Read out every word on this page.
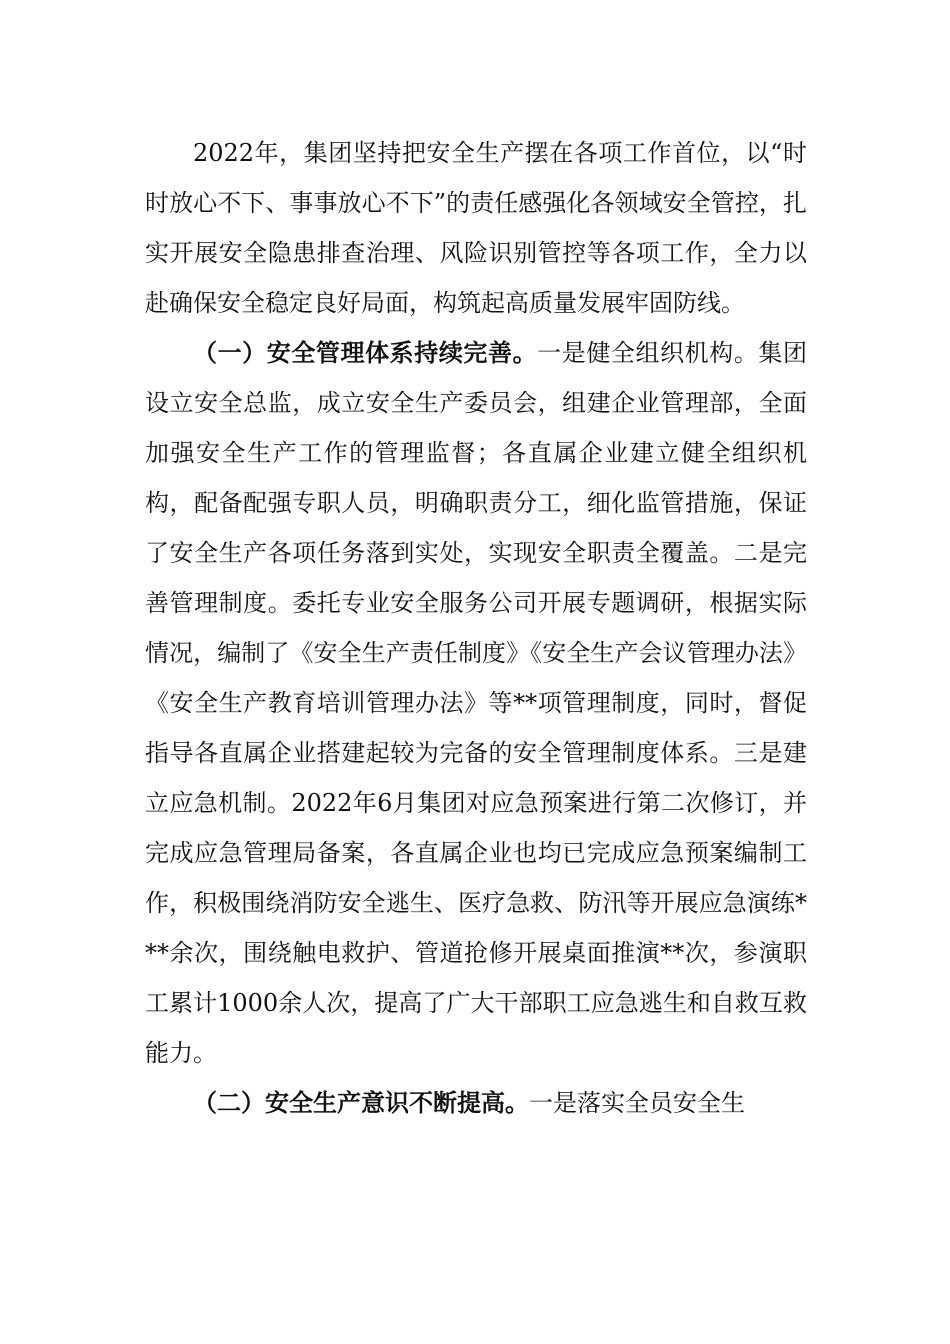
2022年，集团坚持把安全生产摆在各项工作首位，以“时时放心不下、事事放心不下”的责任感强化各领域安全管控，扎实开展安全隐患排查治理、风险识别管控等各项工作，全力以赴确保安全稳定良好局面，构筑起高质量发展牢固防线。

（一）安全管理体系持续完善。一是健全组织机构。集团设立安全总监，成立安全生产委员会，组建企业管理部，全面加强安全生产工作的管理监督；各直属企业建立健全组织机构，配备配强专职人员，明确职责分工，细化监管措施，保证了安全生产各项任务落到实处，实现安全职责全覆盖。二是完善管理制度。委托专业安全服务公司开展专题调研，根据实际情况，编制了《安全生产责任制度》《安全生产会议管理办法》《安全生产教育培训管理办法》等**项管理制度，同时，督促指导各直属企业搭建起较为完备的安全管理制度体系。三是建立应急机制。2022年6月集团对应急预案进行第二次修订，并完成应急管理局备案，各直属企业也均已完成应急预案编制工作，积极围绕消防安全逃生、医疗急救、防汛等开展应急演练***余次，围绕触电救护、管道抢修开展桌面推演**次，参演职工累计1000余人次，提高了广大干部职工应急逃生和自救互救能力。

（二）安全生产意识不断提高。一是落实全员安全生
